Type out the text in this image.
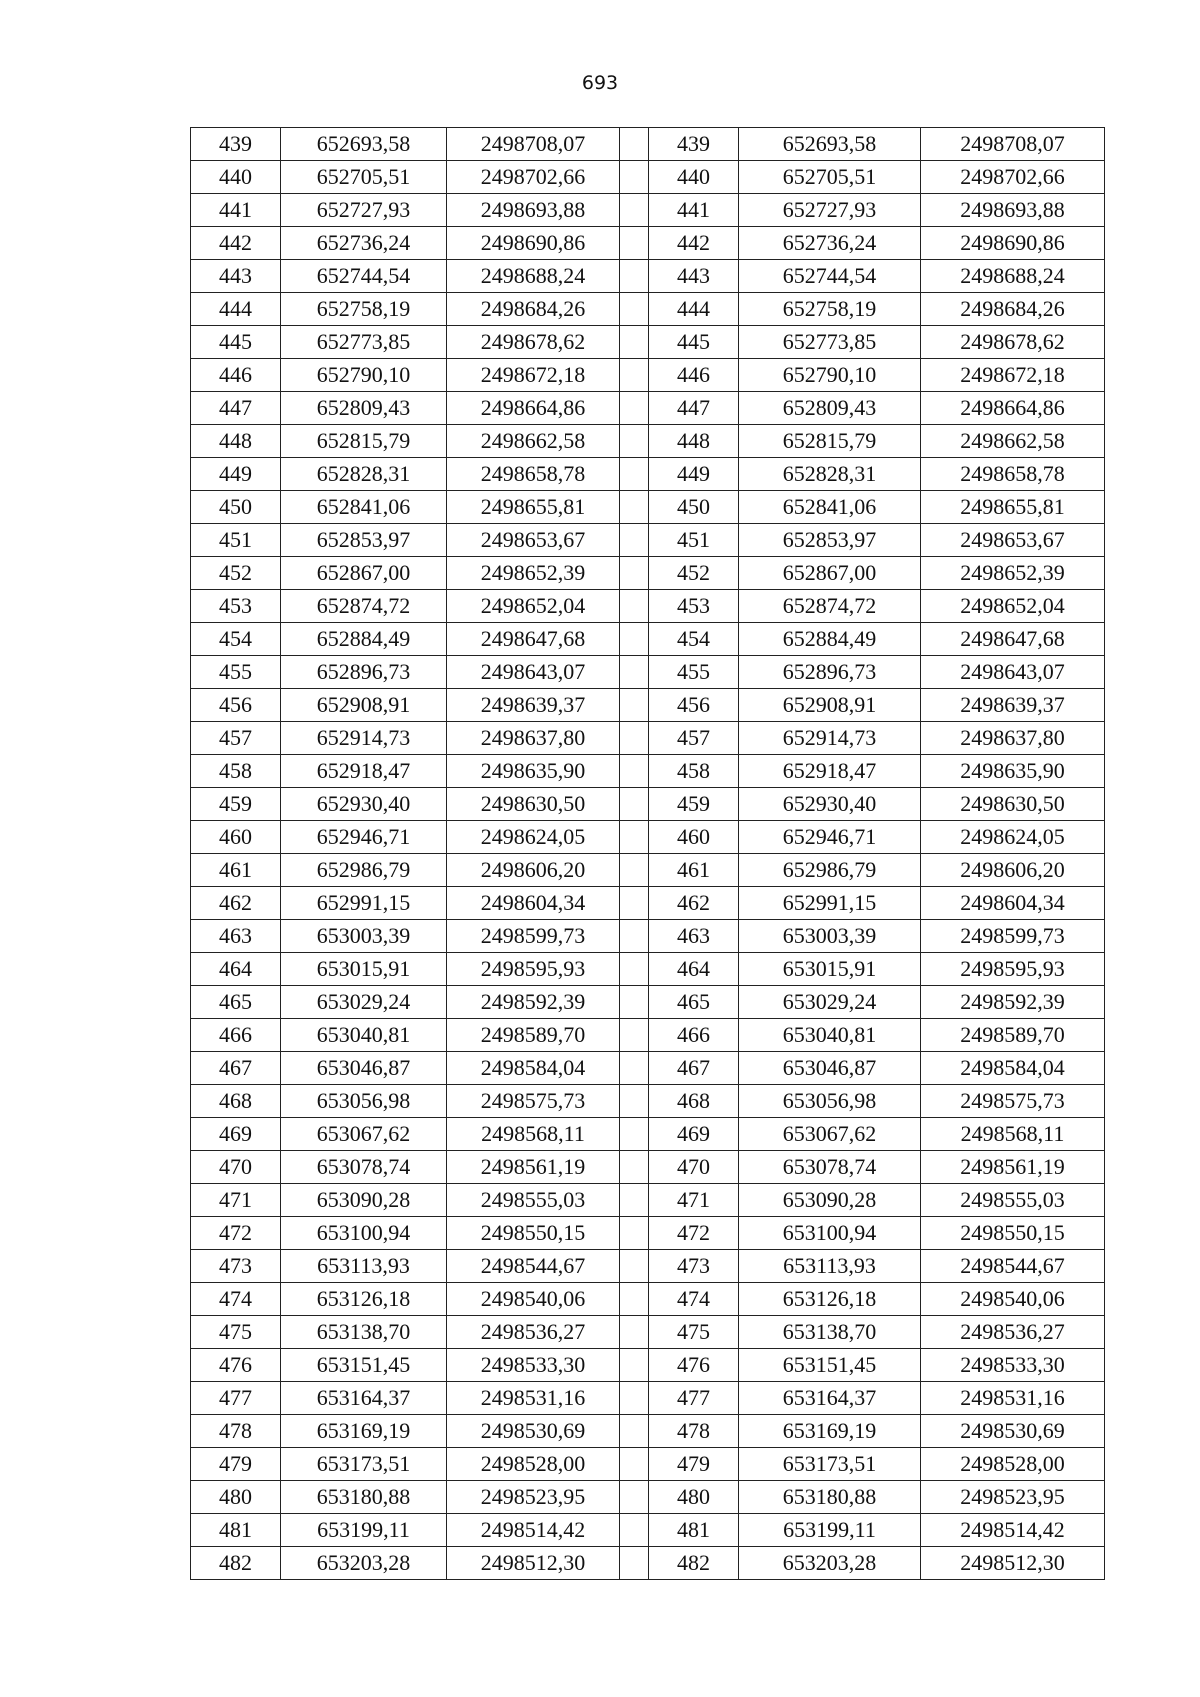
693
439	652693,58	2498708,07		439	652693,58	2498708,07
440	652705,51	2498702,66		440	652705,51	2498702,66
441	652727,93	2498693,88		441	652727,93	2498693,88
442	652736,24	2498690,86		442	652736,24	2498690,86
443	652744,54	2498688,24		443	652744,54	2498688,24
444	652758,19	2498684,26		444	652758,19	2498684,26
445	652773,85	2498678,62		445	652773,85	2498678,62
446	652790,10	2498672,18		446	652790,10	2498672,18
447	652809,43	2498664,86		447	652809,43	2498664,86
448	652815,79	2498662,58		448	652815,79	2498662,58
449	652828,31	2498658,78		449	652828,31	2498658,78
450	652841,06	2498655,81		450	652841,06	2498655,81
451	652853,97	2498653,67		451	652853,97	2498653,67
452	652867,00	2498652,39		452	652867,00	2498652,39
453	652874,72	2498652,04		453	652874,72	2498652,04
454	652884,49	2498647,68		454	652884,49	2498647,68
455	652896,73	2498643,07		455	652896,73	2498643,07
456	652908,91	2498639,37		456	652908,91	2498639,37
457	652914,73	2498637,80		457	652914,73	2498637,80
458	652918,47	2498635,90		458	652918,47	2498635,90
459	652930,40	2498630,50		459	652930,40	2498630,50
460	652946,71	2498624,05		460	652946,71	2498624,05
461	652986,79	2498606,20		461	652986,79	2498606,20
462	652991,15	2498604,34		462	652991,15	2498604,34
463	653003,39	2498599,73		463	653003,39	2498599,73
464	653015,91	2498595,93		464	653015,91	2498595,93
465	653029,24	2498592,39		465	653029,24	2498592,39
466	653040,81	2498589,70		466	653040,81	2498589,70
467	653046,87	2498584,04		467	653046,87	2498584,04
468	653056,98	2498575,73		468	653056,98	2498575,73
469	653067,62	2498568,11		469	653067,62	2498568,11
470	653078,74	2498561,19		470	653078,74	2498561,19
471	653090,28	2498555,03		471	653090,28	2498555,03
472	653100,94	2498550,15		472	653100,94	2498550,15
473	653113,93	2498544,67		473	653113,93	2498544,67
474	653126,18	2498540,06		474	653126,18	2498540,06
475	653138,70	2498536,27		475	653138,70	2498536,27
476	653151,45	2498533,30		476	653151,45	2498533,30
477	653164,37	2498531,16		477	653164,37	2498531,16
478	653169,19	2498530,69		478	653169,19	2498530,69
479	653173,51	2498528,00		479	653173,51	2498528,00
480	653180,88	2498523,95		480	653180,88	2498523,95
481	653199,11	2498514,42		481	653199,11	2498514,42
482	653203,28	2498512,30		482	653203,28	2498512,30
